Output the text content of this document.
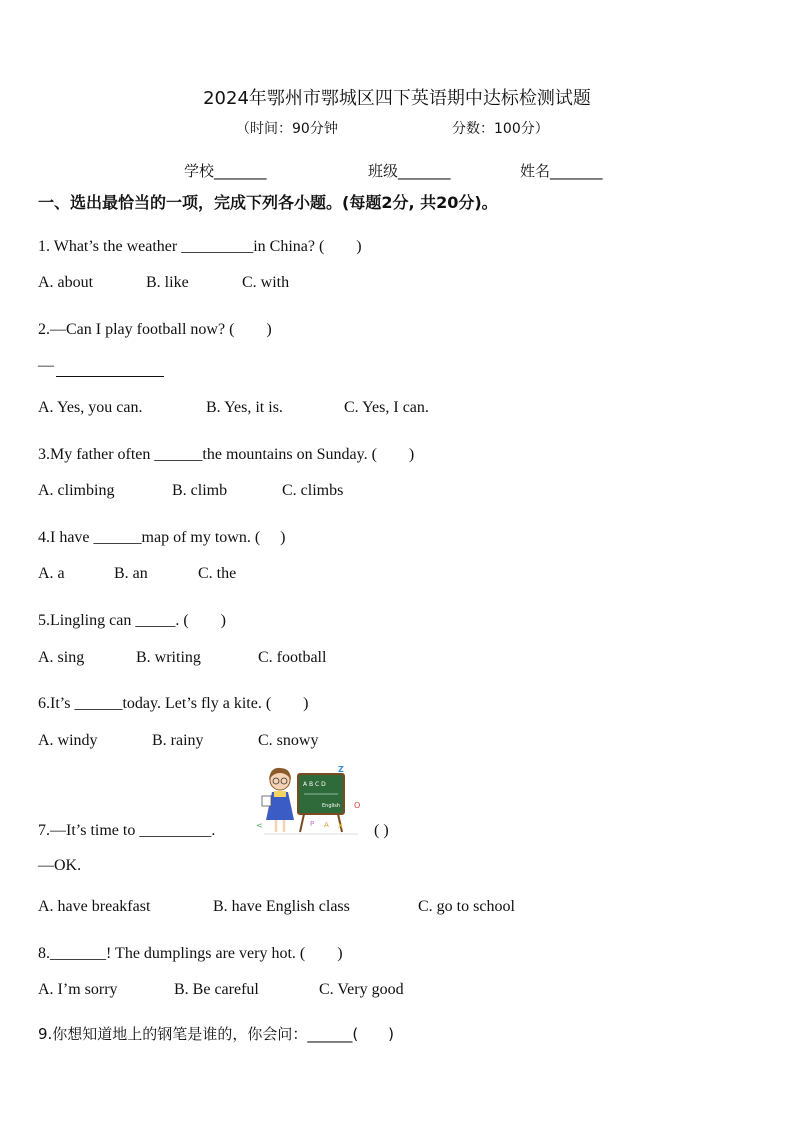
2024年鄂州市鄂城区四下英语期中达标检测试题
（时间：90分钟	分数：100分）
学校_______	班级_______	姓名_______
一、选出最恰当的一项，完成下列各小题。(每题2分, 共20分)。
1. What’s the weather _________in China? (　　)
A. about	B. like	C. with
2.—Can I play football now? (　　)
—
A. Yes, you can.	B. Yes, it is.	C. Yes, I can.
3.My father often ______the mountains on Sunday. (　　)
A. climbing	B. climb	C. climbs
4.I have ______map of my town. (　 )
A. a	B. an	C. the
5.Lingling can _____. (　　)
A. sing	B. writing	C. football
6.It’s ______today. Let’s fly a kite. (　　)
A. windy	B. rainy	C. snowy
A B C D
English
Z
O
P A X
<
7.—It’s time to _________.	( )
—OK.
A. have breakfast	B. have English class	C. go to school
8._______! The dumplings are very hot. (　　)
A. I’m sorry	B. Be careful	C. Very good
9.你想知道地上的钢笔是谁的，你会问：______(　　)
